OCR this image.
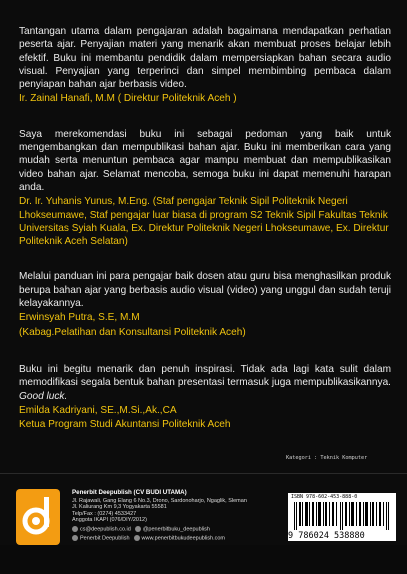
Tantangan utama dalam pengajaran adalah bagaimana mendapatkan perhatian peserta ajar. Penyajian materi yang menarik akan membuat proses belajar lebih efektif. Buku ini membantu pendidik dalam mempersiapkan bahan secara audio visual. Penyajian yang terperinci dan simpel membimbing pembaca dalam penyiapan bahan ajar berbasis video.
Ir. Zainal Hanafi, M.M ( Direktur Politeknik Aceh )
Saya merekomendasi buku ini sebagai pedoman yang baik untuk mengembangkan dan mempublikasi bahan ajar. Buku ini memberikan cara yang mudah serta menuntun pembaca agar mampu membuat dan mempublikasikan video bahan ajar. Selamat mencoba, semoga buku ini dapat memenuhi harapan anda.
Dr. Ir. Yuhanis Yunus, M.Eng. (Staf pengajar Teknik Sipil Politeknik Negeri Lhokseumawe, Staf pengajar luar biasa di program S2 Teknik Sipil Fakultas Teknik Universitas Syiah Kuala, Ex. Direktur Politeknik Negeri Lhokseumawe, Ex. Direktur Politeknik Aceh Selatan)
Melalui panduan ini para pengajar baik dosen atau guru bisa menghasilkan produk berupa bahan ajar yang berbasis audio visual (video) yang unggul dan sudah teruji kelayakannya.
Erwinsyah Putra, S.E, M.M
(Kabag.Pelatihan dan Konsultansi Politeknik Aceh)
Buku ini begitu menarik dan penuh inspirasi. Tidak ada lagi kata sulit dalam memodifikasi segala bentuk bahan presentasi termasuk juga mempublikasikannya. Good luck.
Emilda Kadriyani, SE.,M.Si.,Ak.,CA
Ketua Program Studi Akuntansi Politeknik Aceh
Kategori : Teknik Komputer
Penerbit Deepublish (CV BUDI UTAMA)
Jl. Rajawali, Gang Elang 6 No.3, Drono, Sardonoharjo, Ngaglik, Sleman
Jl. Kaliurang Km 9,3 Yogyakarta 55581
Telp/Fax : (0274) 4533427
Anggota IKAPI (076/DIY/2012)
cs@deepublish.co.id	@penerbitbuku_deepublish
Penerbit Deepublish	www.penerbitbukudeepublish.com
ISBN 978-602-453-888-0
9 786024 538880
